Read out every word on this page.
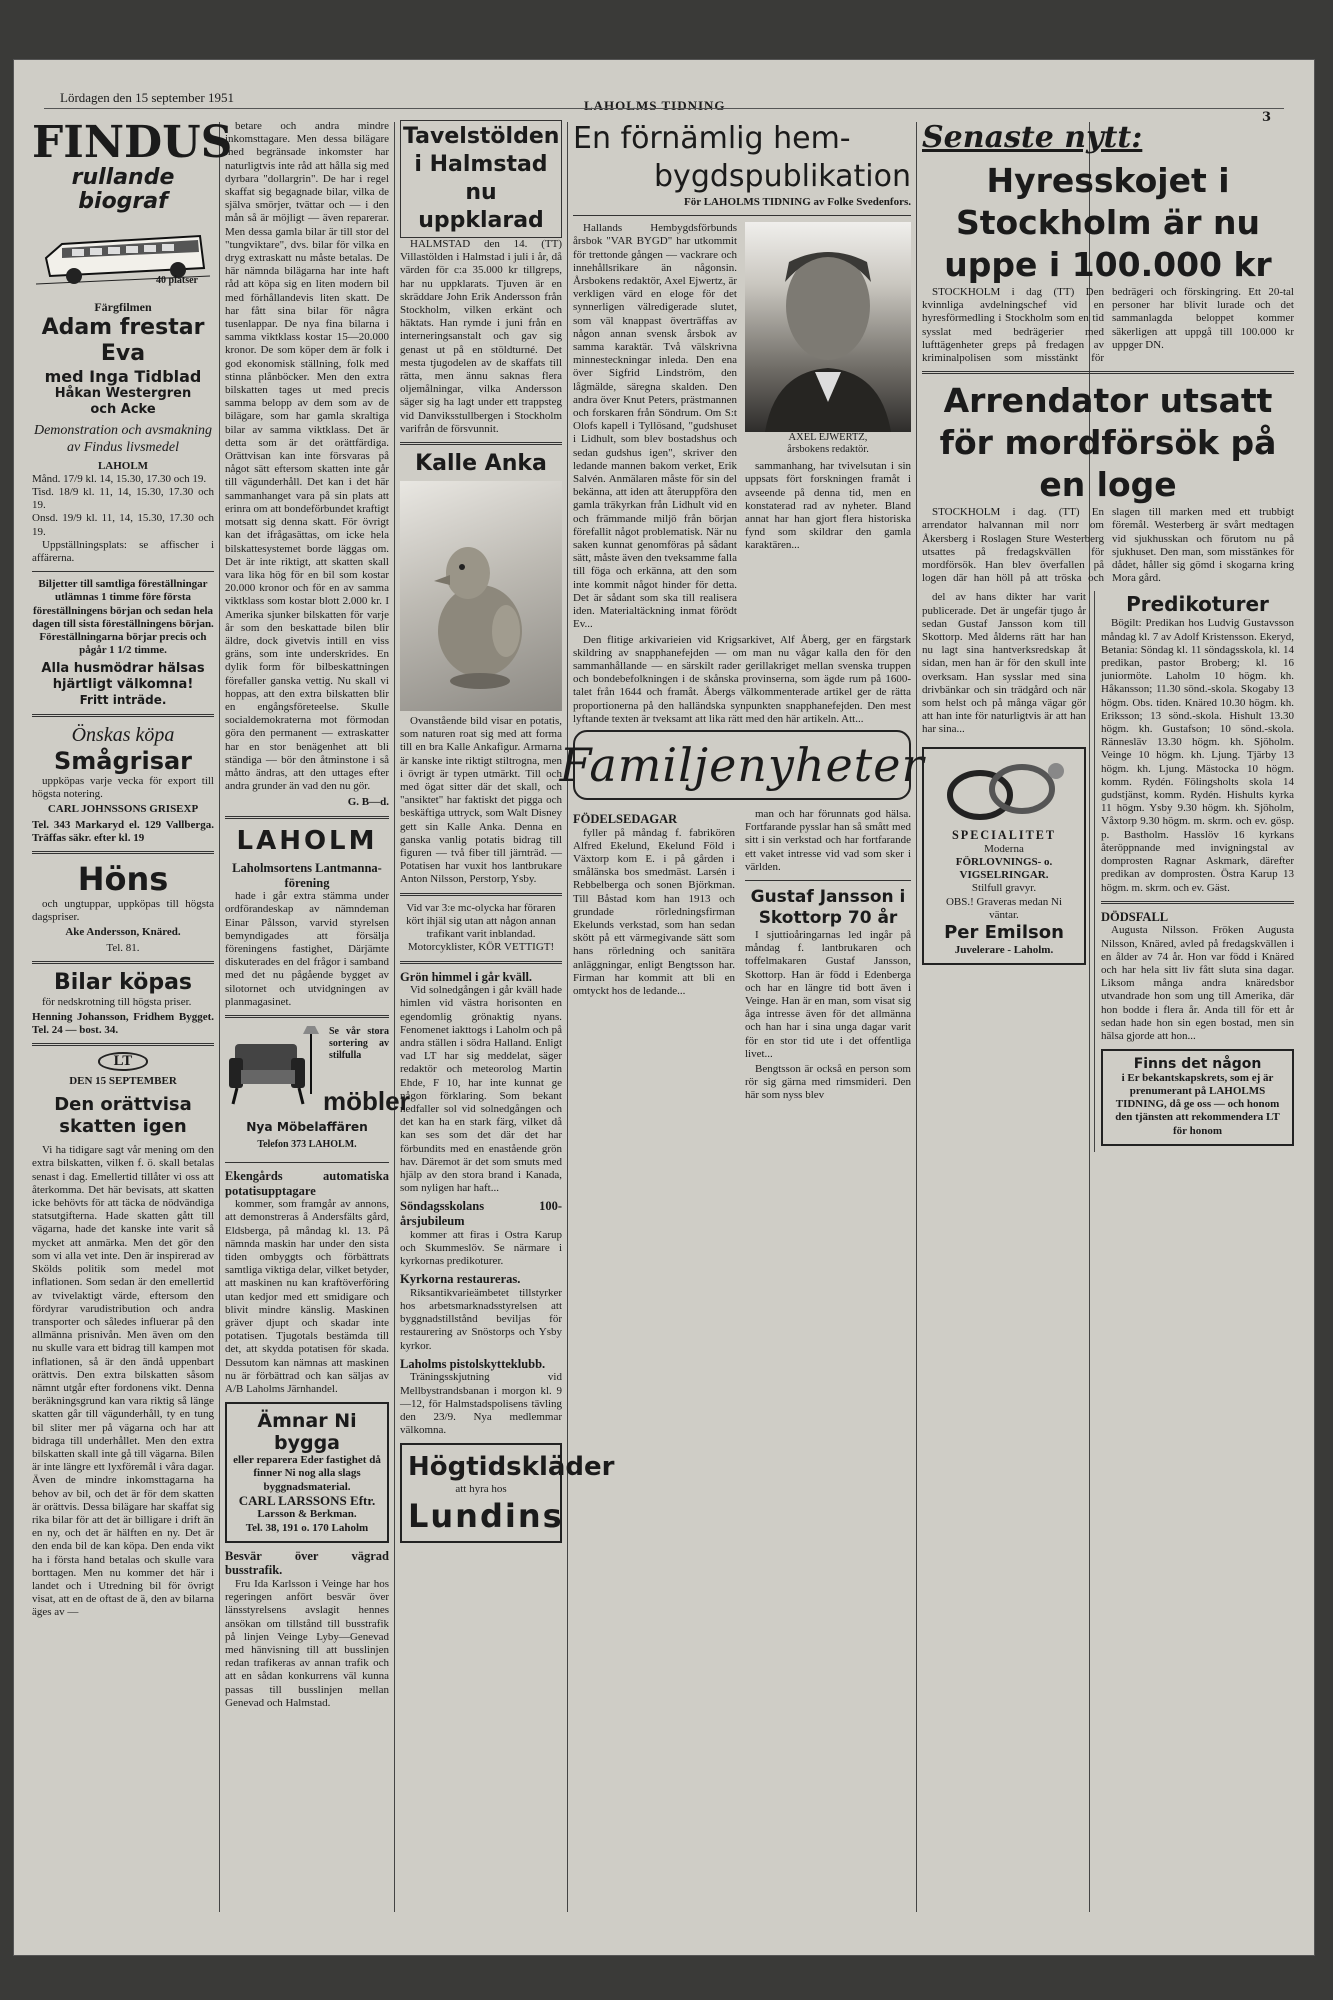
Lördagen den 15 september 1951
LAHOLMS TIDNING
3
FINDUS
rullande biograf
40 platser
Färgfilmen
Adam frestar Eva
med Inga Tidblad
Håkan Westergren
och Acke
Demonstration och avsmakning av Findus livsmedel
LAHOLM
Månd. 17/9 kl. 14, 15.30, 17.30 och 19.
Tisd. 18/9 kl. 11, 14, 15.30, 17.30 och 19.
Onsd. 19/9 kl. 11, 14, 15.30, 17.30 och 19.

Uppställningsplats: se affischer i affärerna.

Biljetter till samtliga föreställningar utlämnas 1 timme före första föreställningens början och sedan hela dagen till sista föreställningens början. Föreställningarna börjar precis och pågår 1 1/2 timme.

Alla husmödrar hälsas hjärtligt välkomna!
Fritt inträde.
Önskas köpa
Smågrisar

uppköpas varje vecka för export till högsta notering.

CARL JOHNSSONS GRISEXP

Tel. 343 Markaryd el. 129 Vallberga. Träffas säkr. efter kl. 19

Höns

och ungtuppar, uppköpas till högsta dagspriser.

Ake Andersson, Knäred.

Tel. 81.

Bilar köpas

för nedskrotning till högsta priser.

Henning Johansson, Fridhem Bygget. Tel. 24 — bost. 34.

LT
DEN 15 SEPTEMBER
Den orättvisa skatten igen

Vi ha tidigare sagt vår mening om den extra bilskatten, vilken f. ö. skall betalas senast i dag. Emellertid tillåter vi oss att återkomma. Det här bevisats, att skatten icke behövts för att täcka de nödvändiga statsutgifterna. Hade skatten gått till vägarna, hade det kanske inte varit så mycket att anmärka. Men det gör den som vi alla vet inte. Den är inspirerad av Skölds politik som medel mot inflationen. Som sedan är den emellertid av tvivelaktigt värde, eftersom den fördyrar varudistribution och andra transporter och således influerar på den allmänna prisnivån. Men även om den nu skulle vara ett bidrag till kampen mot inflationen, så är den ändå uppenbart orättvis. Den extra bilskatten såsom nämnt utgår efter fordonens vikt. Denna beräkningsgrund kan vara riktig så länge skatten går till vägunderhåll, ty en tung bil sliter mer på vägarna och har att bidraga till underhållet. Men den extra bilskatten skall inte gå till vägarna. Bilen är inte längre ett lyxföremål i våra dagar. Även de mindre inkomsttagarna ha behov av bil, och det är för dem skatten är orättvis. Dessa bilägare har skaffat sig rika bilar för att det är billigare i drift än en ny, och det är hälften en ny. Det är den enda bil de kan köpa. Den enda vikt ha i första hand betalas och skulle vara borttagen. Men nu kommer det här i landet och i Utredning bil för övrigt visat, att en de oftast de ä, den av bilarna äges av —

betare och andra mindre inkomsttagare. Men dessa bilägare med begränsade inkomster har naturligtvis inte råd att hålla sig med dyrbara "dollargrin". De har i regel skaffat sig begagnade bilar, vilka de själva smörjer, tvättar och — i den mån så är möjligt — även reparerar. Men dessa gamla bilar är till stor del "tungviktare", dvs. bilar för vilka en dryg extraskatt nu måste betalas. De här nämnda bilägarna har inte haft råd att köpa sig en liten modern bil med förhållandevis liten skatt. De har fått sina bilar för några tusenlappar. De nya fina bilarna i samma viktklass kostar 15—20.000 kronor. De som köper dem är folk i god ekonomisk ställning, folk med stinna plånböcker. Men den extra bilskatten tages ut med precis samma belopp av dem som av de bilägare, som har gamla skraltiga bilar av samma viktklass. Det är detta som är det orättfärdiga. Orättvisan kan inte försvaras på något sätt eftersom skatten inte går till vägunderhåll. Det kan i det här sammanhanget vara på sin plats att erinra om att bondeförbundet kraftigt motsatt sig denna skatt. För övrigt kan det ifrågasättas, om icke hela bilskattesystemet borde läggas om. Det är inte riktigt, att skatten skall vara lika hög för en bil som kostar 20.000 kronor och för en av samma viktklass som kostar blott 2.000 kr. I Amerika sjunker bilskatten för varje år som den beskattade bilen blir äldre, dock givetvis intill en viss gräns, som inte underskrides. En dylik form för bilbeskattningen förefaller ganska vettig. Nu skall vi hoppas, att den extra bilskatten blir en engångsföreteelse. Skulle socialdemokraterna mot förmodan göra den permanent — extraskatter har en stor benägenhet att bli ständiga — bör den åtminstone i så måtto ändras, att den uttages efter andra grunder än vad den nu gör.

G. B—d.
LAHOLM
Laholmsortens Lantmanna-förening

hade i går extra stämma under ordförandeskap av nämndeman Einar Pålsson, varvid styrelsen bemyndigades att försälja föreningens fastighet, Därjämte diskuterades en del frågor i samband med det nu pågående bygget av silotornet och utvidgningen av planmagasinet.

Se vår stora sortering av stilfulla
möbler
Nya Möbelaffären
Telefon 373 LAHOLM.
Ekengårds automatiska potatisupptagare

kommer, som framgår av annons, att demonstreras å Andersfälts gård, Eldsberga, på måndag kl. 13. På nämnda maskin har under den sista tiden ombyggts och förbättrats samtliga viktiga delar, vilket betyder, att maskinen nu kan kraftöverföring utan kedjor med ett smidigare och blivit mindre känslig. Maskinen gräver djupt och skadar inte potatisen. Tjugotals bestämda till det, att skydda potatisen för skada. Dessutom kan nämnas att maskinen nu är förbättrad och kan säljas av A/B Laholms Järnhandel.

Ämnar Ni bygga
eller reparera Eder fastighet då finner Ni nog alla slags byggnadsmaterial.
CARL LARSSONS Eftr.
Larsson & Berkman.
Tel. 38, 191 o. 170 Laholm
Besvär över vägrad busstrafik.

Fru Ida Karlsson i Veinge har hos regeringen anfört besvär över länsstyrelsens avslagit hennes ansökan om tillstånd till busstrafik på linjen Veinge Lyby—Genevad med hänvisning till att busslinjen redan trafikeras av annan trafik och att en sådan konkurrens väl kunna passas till busslinjen mellan Genevad och Halmstad.

Tavelstölden i Halmstad nu uppklarad

HALMSTAD den 14. (TT) Villastölden i Halmstad i juli i år, då värden för c:a 35.000 kr tillgreps, har nu uppklarats. Tjuven är en skräddare John Erik Andersson från Stockholm, vilken erkänt och häktats. Han rymde i juni från en interneringsanstalt och gav sig genast ut på en stöldturné. Det mesta tjugodelen av de skaffats till rätta, men ännu saknas flera oljemålningar, vilka Andersson säger sig ha lagt under ett trappsteg vid Danviksstullbergen i Stockholm varifrån de försvunnit.

Kalle Anka

Ovanstående bild visar en potatis, som naturen roat sig med att forma till en bra Kalle Ankafigur. Armarna är kanske inte riktigt stiltrogna, men i övrigt är typen utmärkt. Till och med ögat sitter där det skall, och "ansiktet" har faktiskt det pigga och beskäftiga uttryck, som Walt Disney gett sin Kalle Anka. Denna en ganska vanlig potatis bidrag till figuren — två fiber till järnträd. — Potatisen har vuxit hos lantbrukare Anton Nilsson, Perstorp, Ysby.

Vid var 3:e mc-olycka har föraren kört ihjäl sig utan att någon annan trafikant varit inblandad. Motorcyklister, KÖR VETTIGT!

Grön himmel i går kväll.

Vid solnedgången i går kväll hade himlen vid västra horisonten en egendomlig grönaktig nyans. Fenomenet iakttogs i Laholm och på andra ställen i södra Halland. Enligt vad LT har sig meddelat, säger redaktör och meteorolog Martin Ehde, F 10, har inte kunnat ge någon förklaring. Som bekant nedfaller sol vid solnedgången och det kan ha en stark färg, vilket då kan ses som det där det har förbundits med en enastående grön hav. Däremot är det som smuts med hjälp av den stora brand i Kanada, som nyligen har haft...

Söndagsskolans 100-årsjubileum

kommer att firas i Ostra Karup och Skummeslöv. Se närmare i kyrkornas predikoturer.

Kyrkorna restaureras.

Riksantikvarieämbetet tillstyrker hos arbetsmarknadsstyrelsen att byggnadstillstånd beviljas för restaurering av Snöstorps och Ysby kyrkor.

Laholms pistolskytteklubb.

Träningsskjutning vid Mellbystrandsbanan i morgon kl. 9—12, för Halmstadspolisens tävling den 23/9. Nya medlemmar välkomna.

Högtidskläder
att hyra hos
Lundins
En förnämlig hem-
bygdspublikation
För LAHOLMS TIDNING av Folke Svedenfors.

Hallands Hembygdsförbunds årsbok "VAR BYGD" har utkommit för trettonde gången — vackrare och innehållsrikare än någonsin. Årsbokens redaktör, Axel Ejwertz, är verkligen värd en eloge för det synnerligen välredigerade slutet, som väl knappast överträffas av någon annan svensk årsbok av samma karaktär. Två välskrivna minnesteckningar inleda. Den ena över Sigfrid Lindström, den lågmälde, säregna skalden. Den andra över Knut Peters, prästmannen och forskaren från Söndrum. Om S:t Olofs kapell i Tyllösand, "gudshuset i Lidhult, som blev bostadshus och sedan gudshus igen", skriver den ledande mannen bakom verket, Erik Salvén. Anmälaren måste för sin del bekänna, att iden att återuppföra den gamla träkyrkan från Lidhult vid en och främmande miljö från början förefallit något problematisk. När nu saken kunnat genomföras på sådant sätt, måste även den tveksamme falla till föga och erkänna, att den som inte kommit något hinder för detta. Det är sådant som ska till realisera iden. Materialtäckning inmat förödt Ev...

AXEL EJWERTZ,
årsbokens redaktör.

sammanhang, har tvivelsutan i sin uppsats fört forskningen framåt i avseende på denna tid, men en konstaterad rad av nyheter. Bland annat har han gjort flera historiska fynd som skildrar den gamla karaktären...

Den flitige arkivarieien vid Krigsarkivet, Alf Åberg, ger en färgstark skildring av snapphanefejden — om man nu vågar kalla den för den sammanhållande — en särskilt rader gerillakriget mellan svenska truppen och bondebefolkningen i de skånska provinserna, som ägde rum på 1600-talet från 1644 och framåt. Åbergs välkommenterade artikel ger de rätta proportionerna på den halländska synpunkten snapphanefejden. Den mest lyftande texten är tveksamt att lika rätt med den här artikeln. Att...

Familjenyheter
FÖDELSEDAGAR

fyller på måndag f. fabrikören Alfred Ekelund, Ekelund Föld i Växtorp kom E. i på gården i smålänska bos smedmäst. Larsén i Rebbelberga och sonen Björkman. Till Båstad kom han 1913 och grundade rörledningsfirman Ekelunds verkstad, som han sedan skött på ett värmegivande sätt som hans rörledning och sanitära anläggningar, enligt Bengtsson har. Firman har kommit att bli en omtyckt hos de ledande...

man och har förunnats god hälsa. Fortfarande pysslar han så smått med sitt i sin verkstad och har fortfarande ett vaket intresse vid vad som sker i världen.

Gustaf Jansson i Skottorp 70 år

I sjuttioåringarnas led ingår på måndag f. lantbrukaren och toffelmakaren Gustaf Jansson, Skottorp. Han är född i Edenberga och har en längre tid bott även i Veinge. Han är en man, som visat sig åga intresse även för det allmänna och han har i sina unga dagar varit för en stor tid ute i det offentliga livet...

Bengtsson är också en person som rör sig gärna med rimsmideri. Den här som nyss blev

Senaste nytt:
Hyresskojet i Stockholm är nu uppe i 100.000 kr

STOCKHOLM i dag (TT) Den kvinnliga avdelningschef vid en hyresförmedling i Stockholm som en tid sysslat med bedrägerier med lufttägenheter greps på fredagen av kriminalpolisen som misstänkt för bedrägeri och förskingring. Ett 20-tal personer har blivit lurade och det sammanlagda beloppet kommer säkerligen att uppgå till 100.000 kr uppger DN.

Arrendator utsatt för mordförsök på en loge

STOCKHOLM i dag. (TT) En arrendator halvannan mil norr om Åkersberg i Roslagen Sture Westerberg utsattes på fredagskvällen för mordförsök. Han blev överfallen på logen där han höll på att tröska och slagen till marken med ett trubbigt föremål. Westerberg är svårt medtagen vid sjukhusskan och förutom nu på sjukhuset. Den man, som misstänkes för dådet, håller sig gömd i skogarna kring Mora gård.

del av hans dikter har varit publicerade. Det är ungefär tjugo år sedan Gustaf Jansson kom till Skottorp. Med ålderns rätt har han nu lagt sina hantverksredskap åt sidan, men han är för den skull inte overksam. Han sysslar med sina drivbänkar och sin trädgård och när som helst och på många vägar gör att han inte för naturligtvis är att han har sina...

SPECIALITET
Moderna
FÖRLOVNINGS- o. VIGSELRINGAR.
Stilfull gravyr.
OBS.! Graveras medan Ni väntar.
Per Emilson
Juvelerare - Laholm.
Predikoturer

Bögilt: Predikan hos Ludvig Gustavsson måndag kl. 7 av Adolf Kristensson. Ekeryd, Betania: Söndag kl. 11 söndagsskola, kl. 14 predikan, pastor Broberg; kl. 16 juniormöte. Laholm 10 högm. kh. Håkansson; 11.30 sönd.-skola. Skogaby 13 högm. Obs. tiden. Knäred 10.30 högm. kh. Eriksson; 13 sönd.-skola. Hishult 13.30 högm. kh. Gustafson; 10 sönd.-skola. Rännesläv 13.30 högm. kh. Sjöholm. Veinge 10 högm. kh. Ljung. Tjärby 13 högm. kh. Ljung. Mästocka 10 högm. komm. Rydén. Fölingsholts skola 14 gudstjänst, komm. Rydén. Hishults kyrka 11 högm. Ysby 9.30 högm. kh. Sjöholm, Våxtorp 9.30 högm. m. skrm. och ev. gösp. p. Bastholm. Hasslöv 16 kyrkans återöppnande med invigningstal av domprosten Ragnar Askmark, därefter predikan av domprosten. Östra Karup 13 högm. m. skrm. och ev. Gäst.

DÖDSFALL

Augusta Nilsson. Fröken Augusta Nilsson, Knäred, avled på fredagskvällen i en ålder av 74 år. Hon var född i Knäred och har hela sitt liv fått sluta sina dagar. Liksom många andra knäredsbor utvandrade hon som ung till Amerika, där hon bodde i flera år. Anda till för ett år sedan hade hon sin egen bostad, men sin hälsa gjorde att hon...

Finns det någon
i Er bekantskapskrets, som ej är prenumerant på LAHOLMS TIDNING, då ge oss — och honom den tjänsten att rekommendera LT för honom
